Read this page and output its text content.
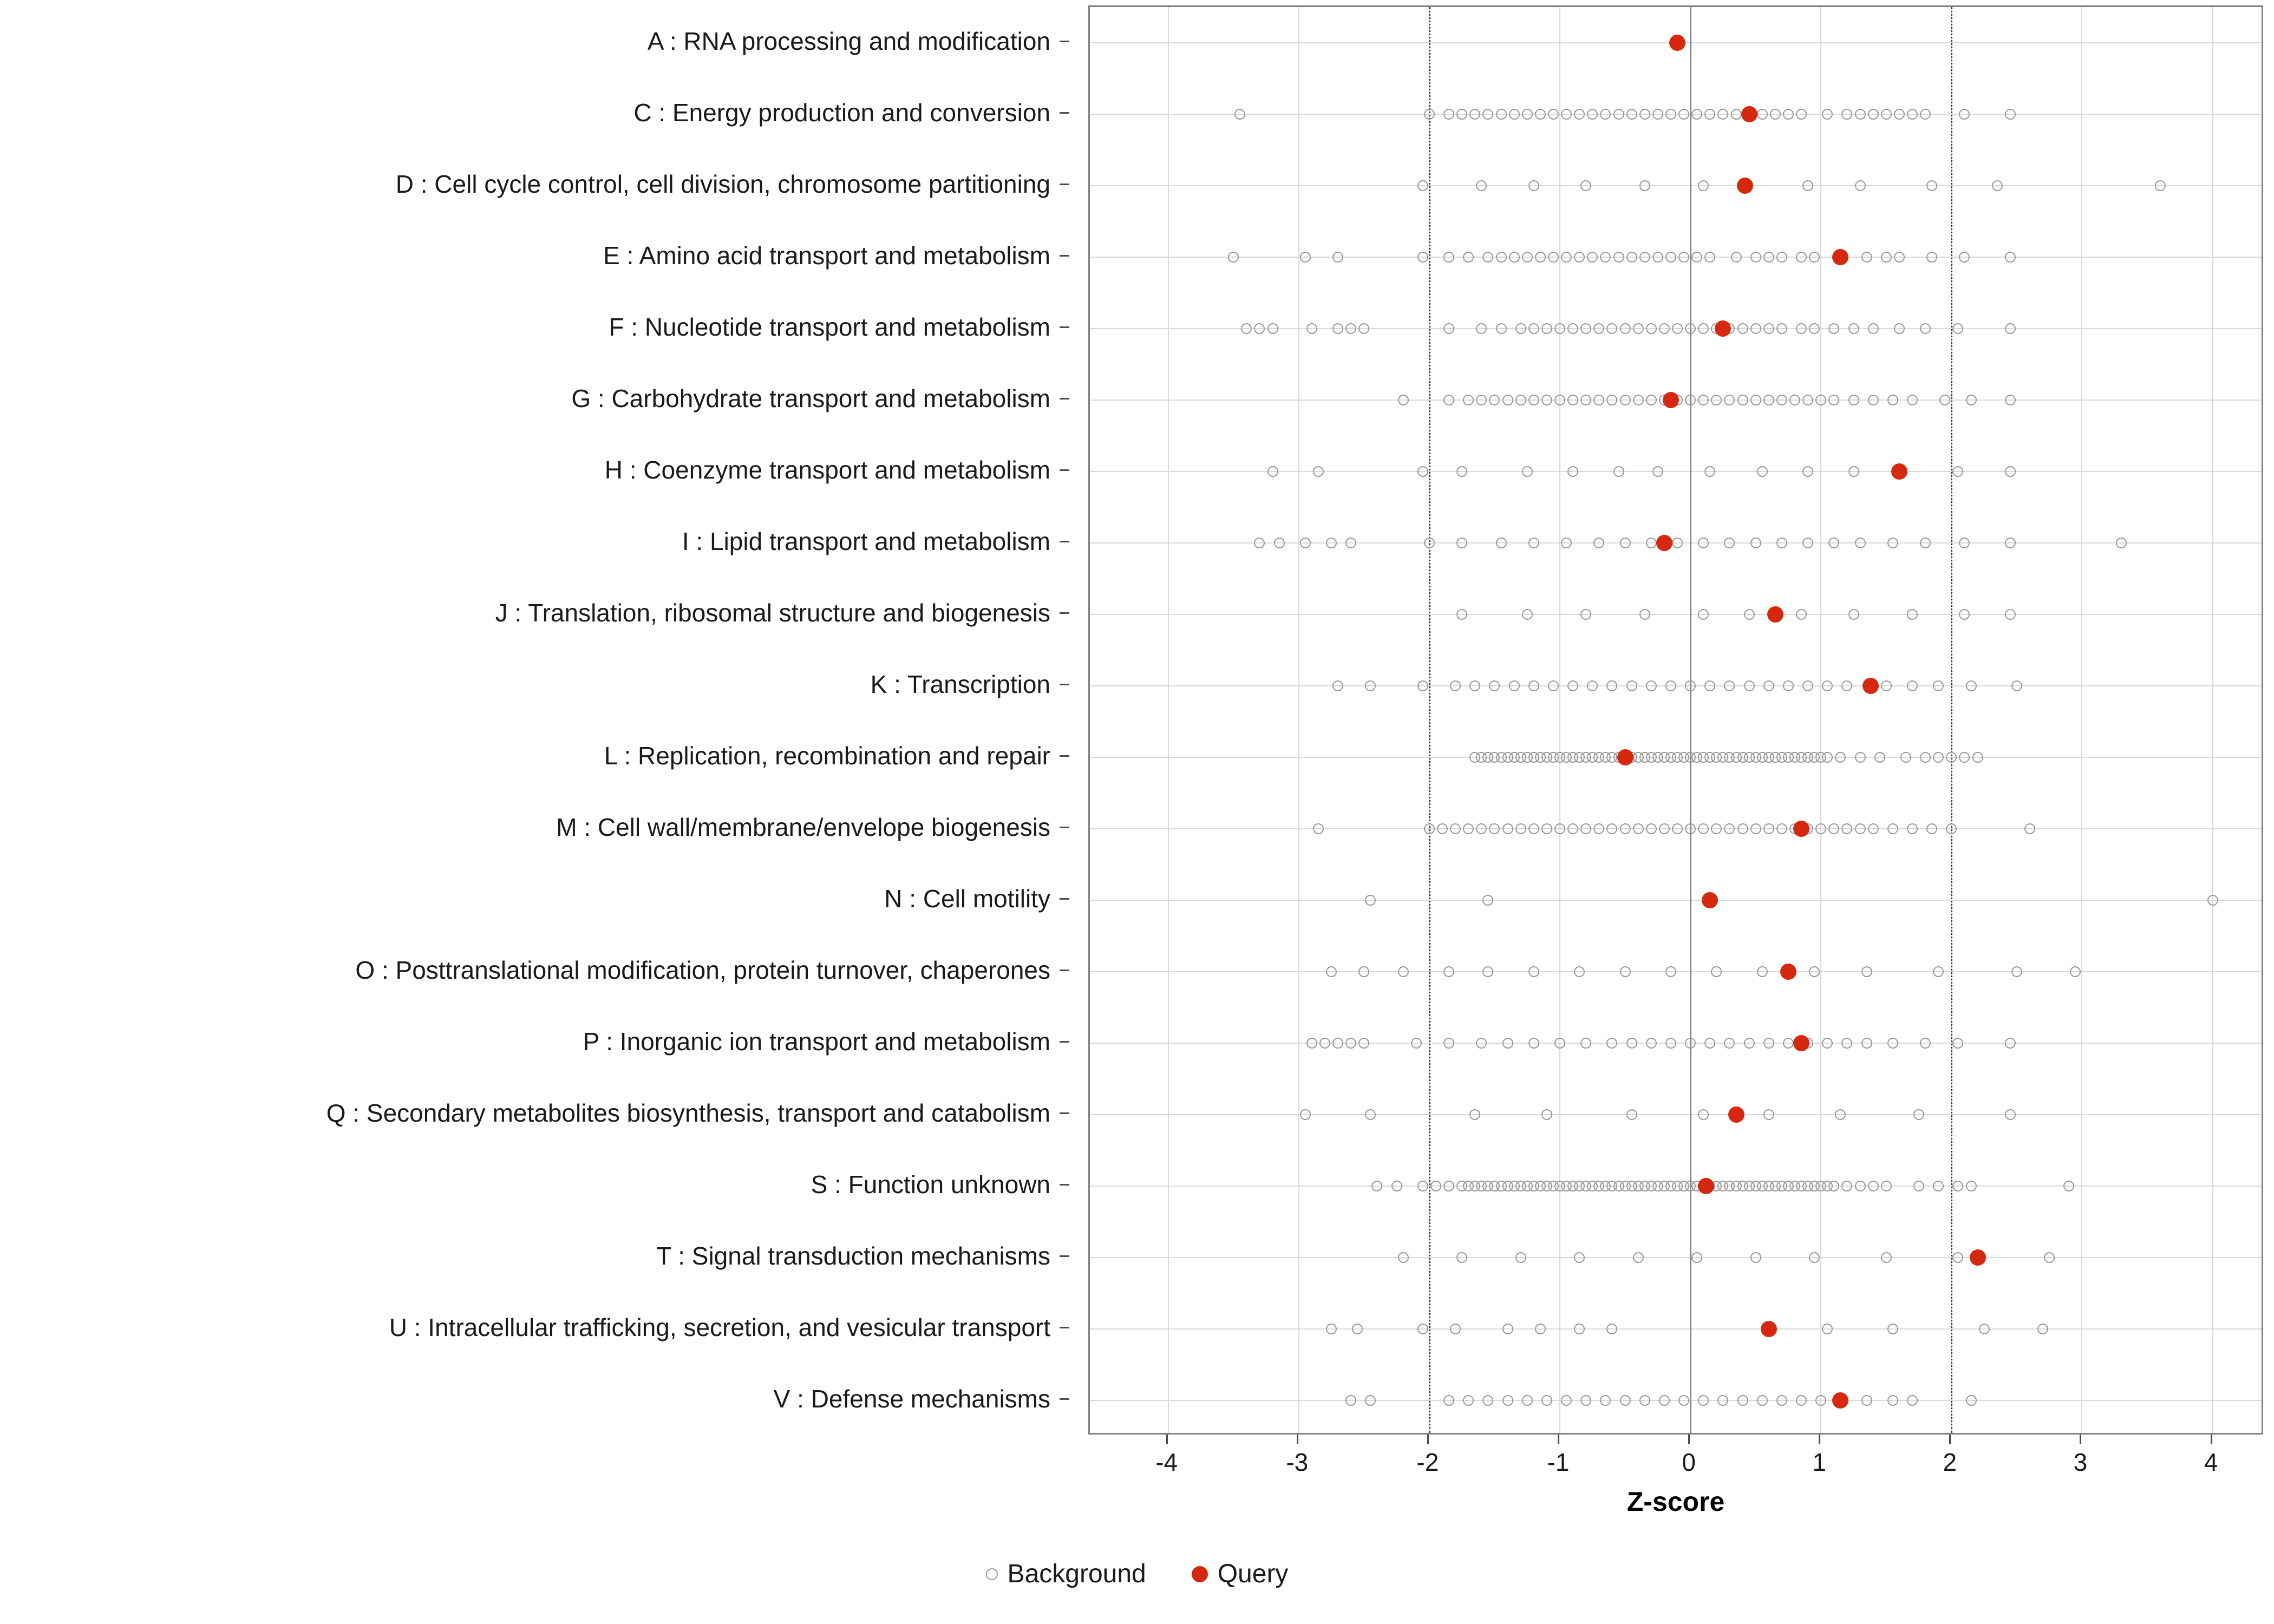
A : RNA processing and modification
C : Energy production and conversion
D : Cell cycle control, cell division, chromosome partitioning
E : Amino acid transport and metabolism
F : Nucleotide transport and metabolism
G : Carbohydrate transport and metabolism
H : Coenzyme transport and metabolism
I : Lipid transport and metabolism
J : Translation, ribosomal structure and biogenesis
K : Transcription
L : Replication, recombination and repair
M : Cell wall/membrane/envelope biogenesis
N : Cell motility
O : Posttranslational modification, protein turnover, chaperones
P : Inorganic ion transport and metabolism
Q : Secondary metabolites biosynthesis, transport and catabolism
S : Function unknown
T : Signal transduction mechanisms
U : Intracellular trafficking, secretion, and vesicular transport
V : Defense mechanisms
-4	-3	-2	-1	0	1	2	3	4
Z-score
Background	Query
